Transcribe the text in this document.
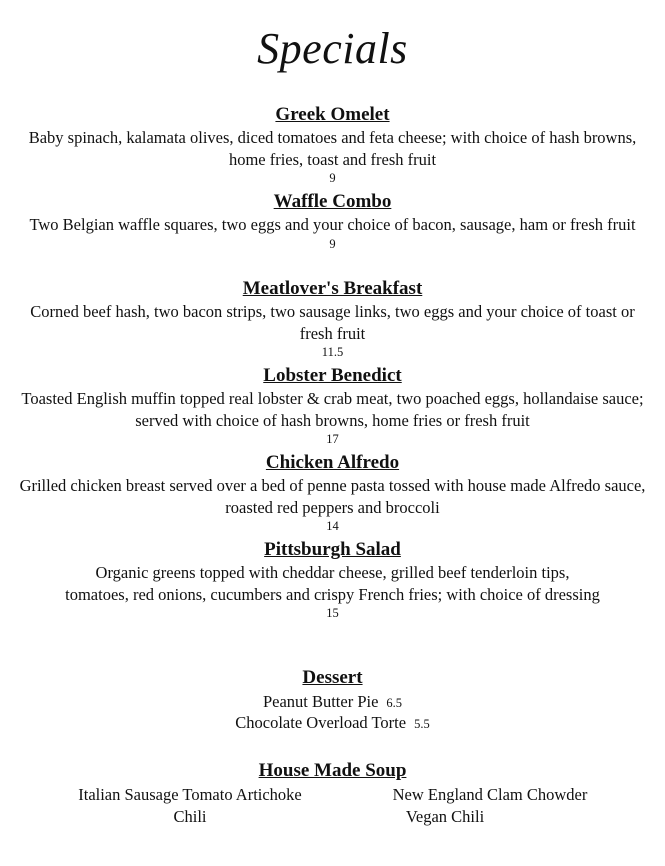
Specials
Greek Omelet
Baby spinach, kalamata olives, diced tomatoes and feta cheese; with choice of hash browns, home fries, toast and fresh fruit
9
Waffle Combo
Two Belgian waffle squares, two eggs and your choice of bacon, sausage, ham or fresh fruit
9
Meatlover's Breakfast
Corned beef hash, two bacon strips, two sausage links, two eggs and your choice of toast or fresh fruit
11.5
Lobster Benedict
Toasted English muffin topped real lobster & crab meat, two poached eggs, hollandaise sauce; served with choice of hash browns, home fries or fresh fruit
17
Chicken Alfredo
Grilled chicken breast served over a bed of penne pasta tossed with house made Alfredo sauce, roasted red peppers and broccoli
14
Pittsburgh Salad
Organic greens topped with cheddar cheese, grilled beef tenderloin tips, tomatoes, red onions, cucumbers and crispy French fries; with choice of dressing
15
Dessert
Peanut Butter Pie 6.5
Chocolate Overload Torte 5.5
House Made Soup
Italian Sausage Tomato Artichoke	New England Clam Chowder
Chili	Vegan Chili
